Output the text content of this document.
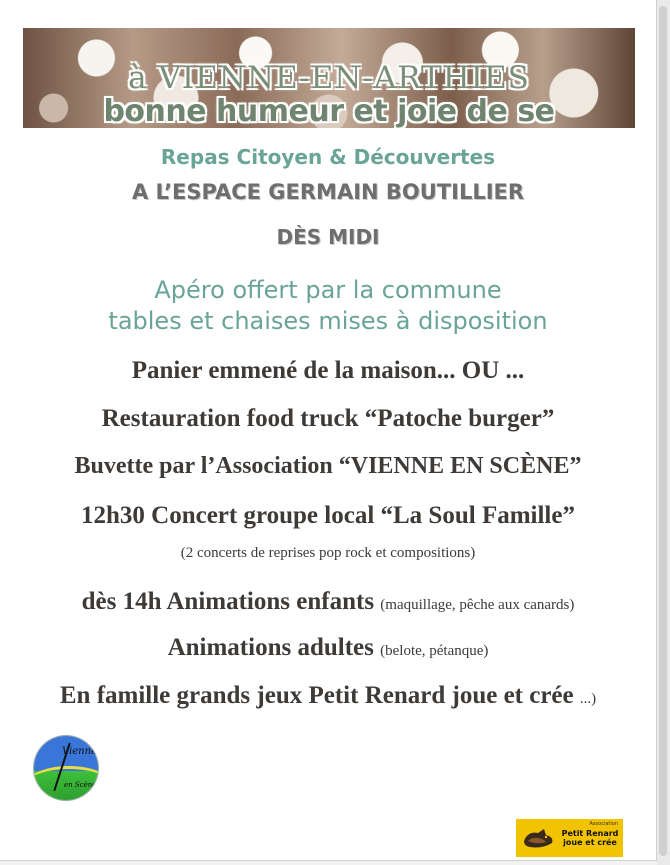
à VIENNE-EN-ARTHIES
bonne humeur et joie de se
Repas Citoyen & Découvertes
A L’ESPACE GERMAIN BOUTILLIER
DÈS MIDI
Apéro offert par la commune
tables et chaises mises à disposition
Panier emmené de la maison... OU ...
Restauration food truck “Patoche burger”
Buvette par l’Association “VIENNE EN SCÈNE”
12h30 Concert groupe local “La Soul Famille”
(2 concerts de reprises pop rock et compositions)
dès 14h Animations enfants (maquillage, pêche aux canards)
Animations adultes (belote, pétanque)
En famille grands jeux Petit Renard joue et crée ...)
Vienne
en Scène
Association
Petit Renard
joue et crée
